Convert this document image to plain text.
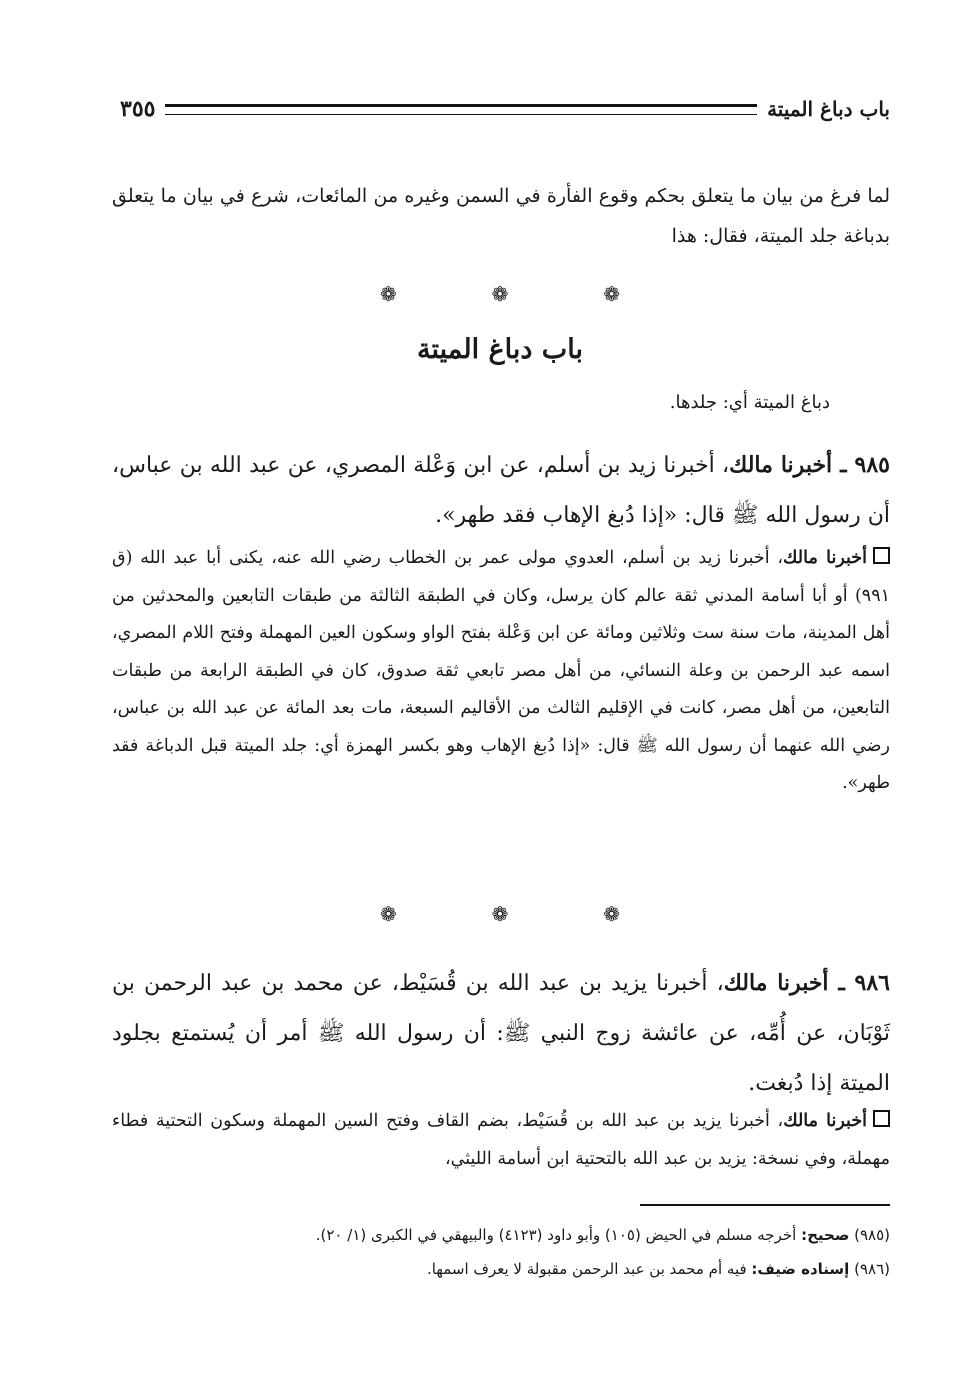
باب دباغ الميتة
٣٥٥

لما فرغ من بيان ما يتعلق بحكم وقوع الفأرة في السمن وغيره من المائعات، شرع في بيان ما يتعلق بدباغة جلد الميتة، فقال: هذا

❁
❁
❁
باب دباغ الميتة

دباغ الميتة أي: جلدها.

٩٨٥ ـ أخبرنا مالك، أخبرنا زيد بن أسلم، عن ابن وَعْلة المصري، عن عبد الله بن عباس، أن رسول الله ﷺ قال: «إذا دُبغ الإهاب فقد طهر».

أخبرنا مالك، أخبرنا زيد بن أسلم، العدوي مولى عمر بن الخطاب رضي الله عنه، يكنى أبا عبد الله (ق ٩٩١) أو أبا أسامة المدني ثقة عالم كان يرسل، وكان في الطبقة الثالثة من طبقات التابعين والمحدثين من أهل المدينة، مات سنة ست وثلاثين ومائة عن ابن وَعْلة بفتح الواو وسكون العين المهملة وفتح اللام المصري، اسمه عبد الرحمن بن وعلة النسائي، من أهل مصر تابعي ثقة صدوق، كان في الطبقة الرابعة من طبقات التابعين، من أهل مصر، كانت في الإقليم الثالث من الأقاليم السبعة، مات بعد المائة عن عبد الله بن عباس، رضي الله عنهما أن رسول الله ﷺ قال: «إذا دُبغ الإهاب وهو بكسر الهمزة أي: جلد الميتة قبل الدباغة فقد طهر».

❁
❁
❁

٩٨٦ ـ أخبرنا مالك، أخبرنا يزيد بن عبد الله بن قُسَيْط، عن محمد بن عبد الرحمن بن ثَوْبَان، عن أُمِّه، عن عائشة زوج النبي ﷺ: أن رسول الله ﷺ أمر أن يُستمتع بجلود الميتة إذا دُبغت.

أخبرنا مالك، أخبرنا يزيد بن عبد الله بن قُسَيْط، بضم القاف وفتح السين المهملة وسكون التحتية فطاء مهملة، وفي نسخة: يزيد بن عبد الله بالتحتية ابن أسامة الليثي،

(٩٨٥) صحيح: أخرجه مسلم في الحيض (١٠٥) وأبو داود (٤١٢٣) والبيهقي في الكبرى (١/ ٢٠).
(٩٨٦) إسناده ضيف: فيه أم محمد بن عبد الرحمن مقبولة لا يعرف اسمها.
